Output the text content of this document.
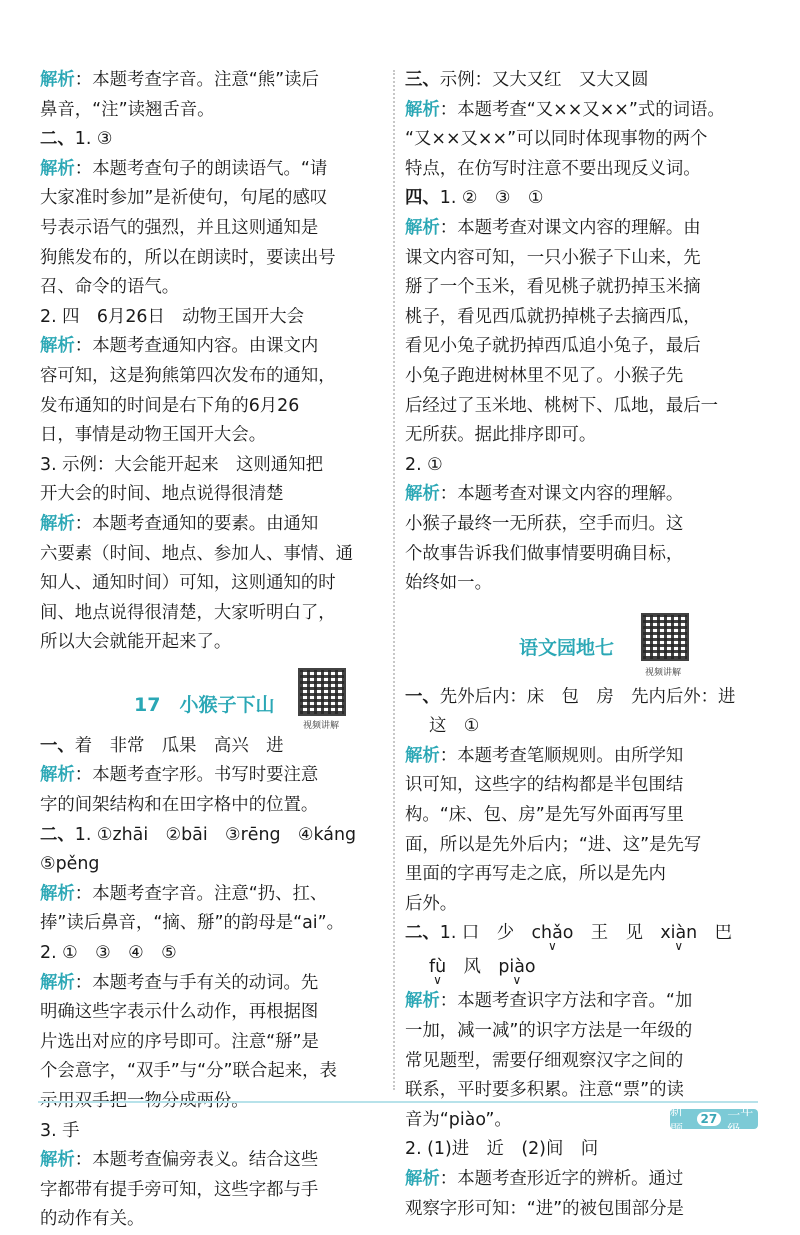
解析 ： 本题考查字音。注意“熊”读后

鼻音，“注”读翘舌音。

二、1. ③

解析 ： 本题考查句子的朗读语气。“请

大家准时参加”是祈使句，句尾的感叹

号表示语气的强烈，并且这则通知是

狗熊发布的，所以在朗读时，要读出号

召、命令的语气。

2. 四　6月26日　动物王国开大会

解析 ： 本题考查通知内容。由课文内

容可知，这是狗熊第四次发布的通知，

发布通知的时间是右下角的6月26

日，事情是动物王国开大会。

3. 示例：大会能开起来　这则通知把

开大会的时间、地点说得很清楚

解析 ： 本题考查通知的要素。由通知

六要素（时间、地点、参加人、事情、通

知人、通知时间）可知，这则通知的时

间、地点说得很清楚，大家听明白了，

所以大会就能开起来了。

17　小猴子下山
视频讲解

一、着　非常　瓜果　高兴　进

解析 ： 本题考查字形。书写时要注意

字的间架结构和在田字格中的位置。

二、1. ①zhāi　②bāi　③rēng　④káng

⑤pěng

解析 ： 本题考查字音。注意“扔、扛、

捧”读后鼻音，“摘、掰”的韵母是“ai”。

2. ①　③　④　⑤

解析 ： 本题考查与手有关的动词。先

明确这些字表示什么动作，再根据图

片选出对应的序号即可。注意“掰”是

个会意字，“双手”与“分”联合起来，表

示用双手把一物分成两份。

3. 手

解析 ： 本题考查偏旁表义。结合这些

字都带有提手旁可知，这些字都与手

的动作有关。

三、示例：又大又红　又大又圆

解析 ： 本题考查“又××又××”式的词语。

“又××又××”可以同时体现事物的两个

特点，在仿写时注意不要出现反义词。

四、1. ②　③　①

解析 ： 本题考查对课文内容的理解。由

课文内容可知，一只小猴子下山来，先

掰了一个玉米，看见桃子就扔掉玉米摘

桃子，看见西瓜就扔掉桃子去摘西瓜，

看见小兔子就扔掉西瓜追小兔子，最后

小兔子跑进树林里不见了。小猴子先

后经过了玉米地、桃树下、瓜地，最后一

无所获。据此排序即可。

2. ①

解析 ： 本题考查对课文内容的理解。

小猴子最终一无所获，空手而归。这

个故事告诉我们做事情要明确目标，

始终如一。

语文园地七
视频讲解

一、先外后内：床　包　房　先内后外：进

这　①

解析 ： 本题考查笔顺规则。由所学知

识可知，这些字的结构都是半包围结

构。“床、包、房”是先写外面再写里

面，所以是先外后内；“进、这”是先写

里面的字再写走之底，所以是先内

后外。

二、1. 口　少　chǎo
∨
　王　见　xiàn
∨
　巴

fù
∨
　风　piào
∨

解析 ： 本题考查识字方法和字音。“加

一加，减一减”的识字方法是一年级的

常见题型，需要仔细观察汉字之间的

联系，平时要多积累。注意“票”的读

音为“piào”。

2. (1)进　近　(2)间　问

解析 ： 本题考查形近字的辨析。通过

观察字形可知：“进”的被包围部分是

新题
27 二年级
